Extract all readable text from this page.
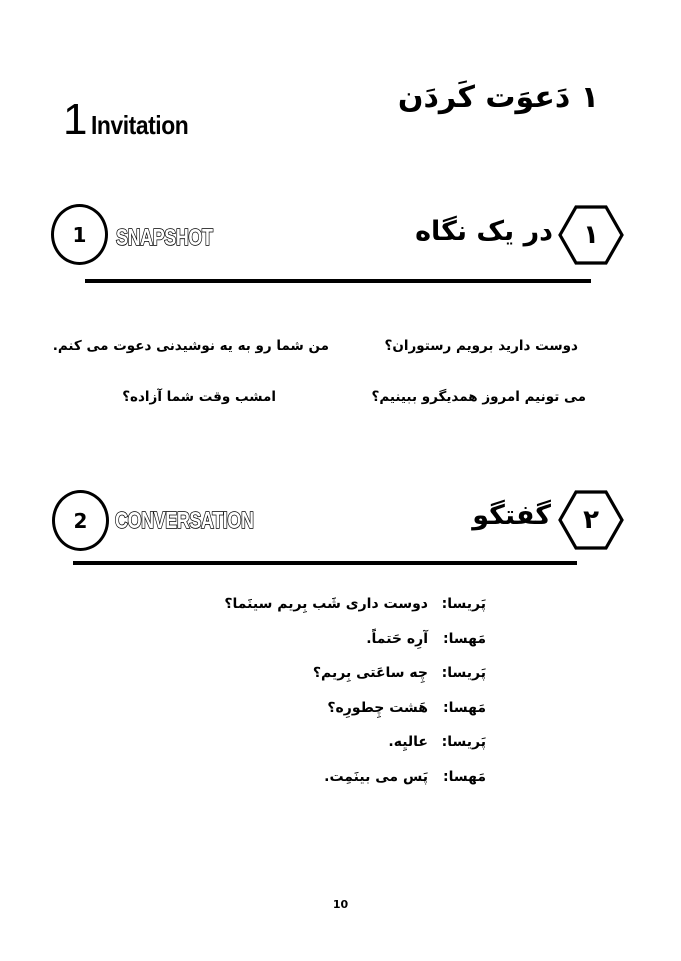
1 Invitation
۱ دَعوَت کَردَن
1 SNAPSHOT	در یک نگاه	۱
دوست دارید برویم رستوران؟
من شما رو به یه نوشیدنی دعوت می کنم.
می تونیم امروز همدیگرو ببینیم؟
امشب وقت شما آزاده؟
2 CONVERSATION	گفتگو	۲
پَریسا:
دوست داری شَب بِریم سینَما؟
مَهسا:
آرِه حَتماً.
پَریسا:
چِه ساعَتی بِریم؟
مَهسا:
هَشت چِطورِه؟
پَریسا:
عالیِه.
مَهسا:
پَس می بینَمِت.
10
